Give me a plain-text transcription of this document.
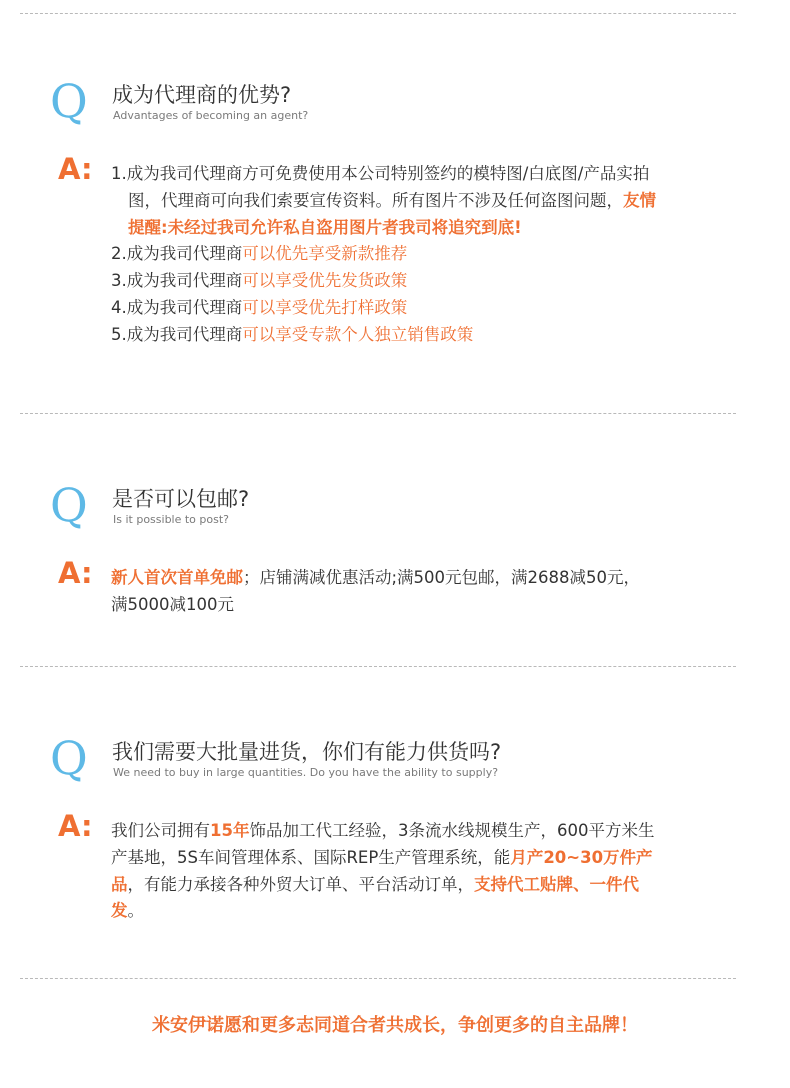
Q 成为代理商的优势?
Advantages of becoming an agent?
A: 1.成为我司代理商方可免费使用本公司特别签约的模特图/白底图/产品实拍图，代理商可向我们索要宣传资料。所有图片不涉及任何盗图问题，友情提醒:未经过我司允许私自盗用图片者我司将追究到底!

2.成为我司代理商可以优先享受新款推荐

3.成为我司代理商可以享受优先发货政策

4.成为我司代理商可以享受优先打样政策

5.成为我司代理商可以享受专款个人独立销售政策

Q 是否可以包邮?
Is it possible to post?
A: 新人首次首单免邮；店铺满减优惠活动;满500元包邮，满2688减50元，满5000减100元

Q 我们需要大批量进货，你们有能力供货吗?
We need to buy in large quantities. Do you have the ability to supply?
A: 我们公司拥有15年饰品加工代工经验，3条流水线规模生产，600平方米生产基地，5S车间管理体系、国际REP生产管理系统，能月产20~30万件产品，有能力承接各种外贸大订单、平台活动订单，支持代工贴牌、一件代发。

米安伊诺愿和更多志同道合者共成长，争创更多的自主品牌！
